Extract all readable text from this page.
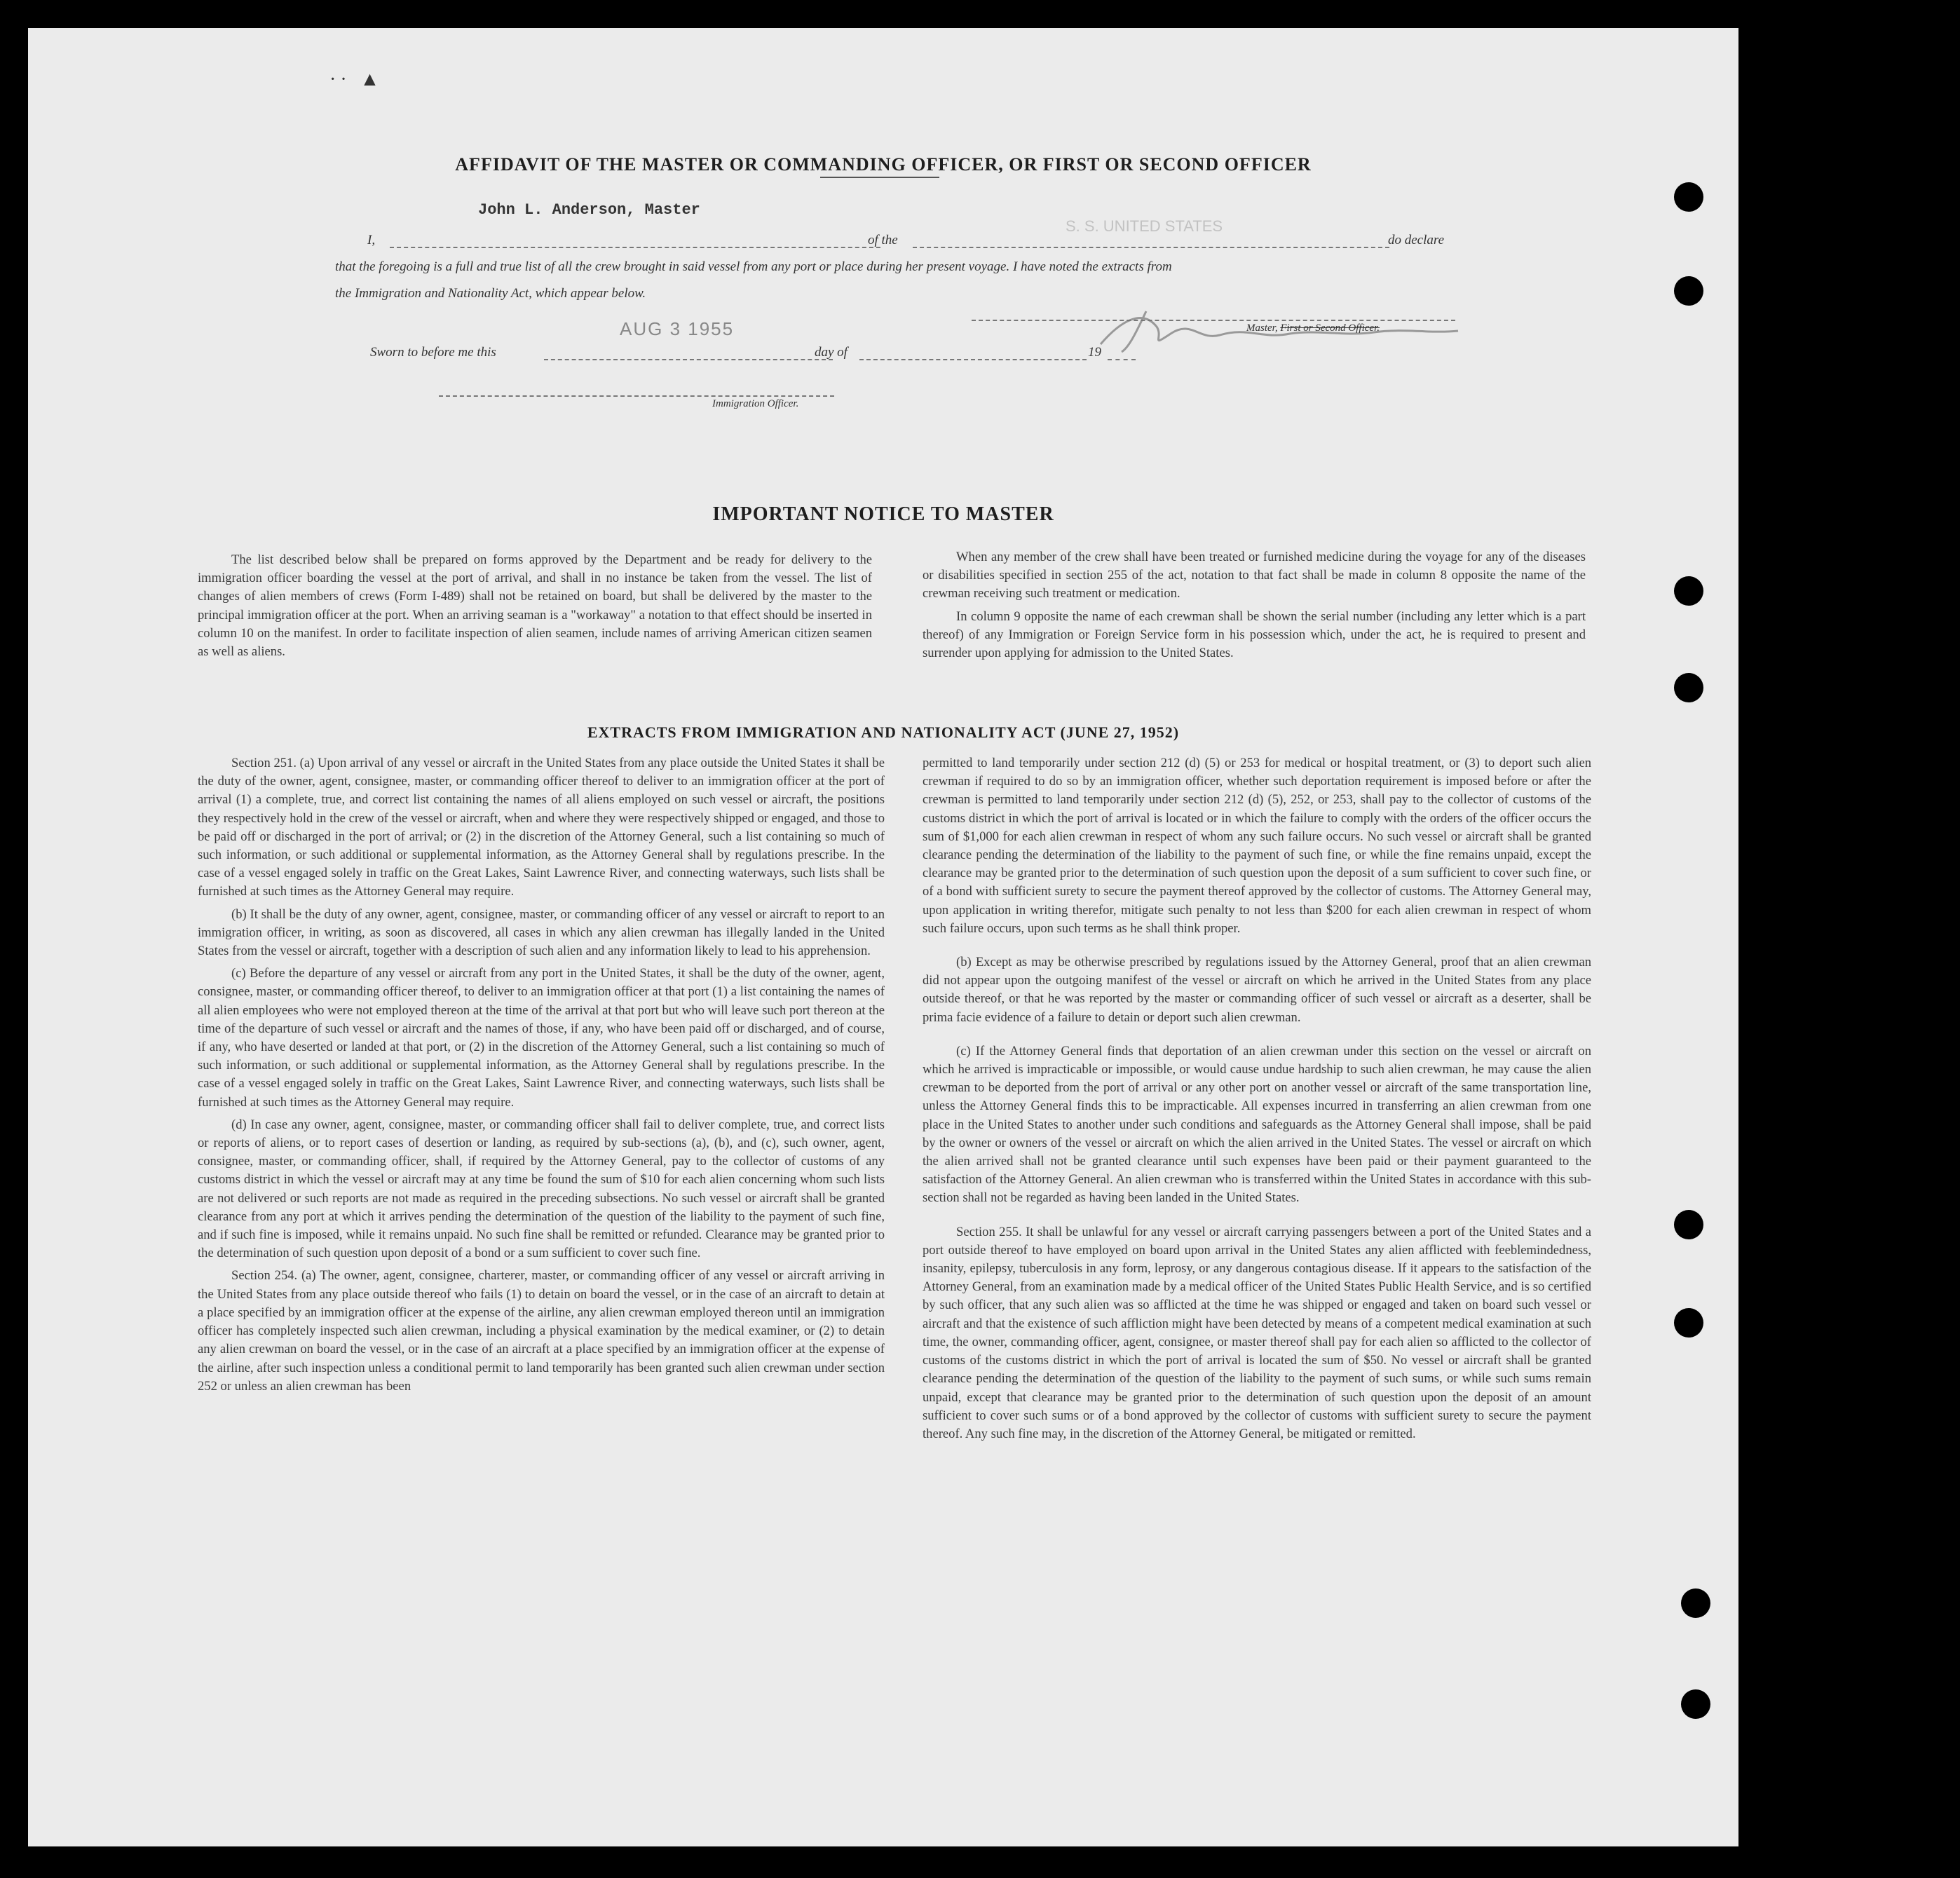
·· ▲
AFFIDAVIT OF THE MASTER OR COMMANDING OFFICER, OR FIRST OR SECOND OFFICER
John L. Anderson, Master
I,	of the
S. S. UNITED STATES
do declare
that the foregoing is a full and true list of all the crew brought in said vessel from any port or place during her present voyage. I have noted the extracts from
the Immigration and Nationality Act, which appear below.
Master, First or Second Officer.
AUG 3 1955
Sworn to before me this	day of	19
Immigration Officer.
IMPORTANT NOTICE TO MASTER

The list described below shall be prepared on forms approved by the Department and be ready for delivery to the immigration officer boarding the vessel at the port of arrival, and shall in no instance be taken from the vessel. The list of changes of alien members of crews (Form I-489) shall not be retained on board, but shall be delivered by the master to the principal immigration officer at the port. When an arriving seaman is a "workaway" a notation to that effect should be inserted in column 10 on the manifest. In order to facilitate inspection of alien seamen, include names of arriving American citizen seamen as well as aliens.

When any member of the crew shall have been treated or furnished medicine during the voyage for any of the diseases or disabilities specified in section 255 of the act, notation to that fact shall be made in column 8 opposite the name of the crewman receiving such treatment or medication.

In column 9 opposite the name of each crewman shall be shown the serial number (including any letter which is a part thereof) of any Immigration or Foreign Service form in his possession which, under the act, he is required to present and surrender upon applying for admission to the United States.

EXTRACTS FROM IMMIGRATION AND NATIONALITY ACT (JUNE 27, 1952)

Section 251. (a) Upon arrival of any vessel or aircraft in the United States from any place outside the United States it shall be the duty of the owner, agent, consignee, master, or commanding officer thereof to deliver to an immigration officer at the port of arrival (1) a complete, true, and correct list containing the names of all aliens employed on such vessel or aircraft, the positions they respectively hold in the crew of the vessel or aircraft, when and where they were respectively shipped or engaged, and those to be paid off or discharged in the port of arrival; or (2) in the discretion of the Attorney General, such a list containing so much of such information, or such additional or supplemental information, as the Attorney General shall by regulations prescribe. In the case of a vessel engaged solely in traffic on the Great Lakes, Saint Lawrence River, and connecting waterways, such lists shall be furnished at such times as the Attorney General may require.

(b) It shall be the duty of any owner, agent, consignee, master, or commanding officer of any vessel or aircraft to report to an immigration officer, in writing, as soon as discovered, all cases in which any alien crewman has illegally landed in the United States from the vessel or aircraft, together with a description of such alien and any information likely to lead to his apprehension.

(c) Before the departure of any vessel or aircraft from any port in the United States, it shall be the duty of the owner, agent, consignee, master, or commanding officer thereof, to deliver to an immigration officer at that port (1) a list containing the names of all alien employees who were not employed thereon at the time of the arrival at that port but who will leave such port thereon at the time of the departure of such vessel or aircraft and the names of those, if any, who have been paid off or discharged, and of course, if any, who have deserted or landed at that port, or (2) in the discretion of the Attorney General, such a list containing so much of such information, or such additional or supplemental information, as the Attorney General shall by regulations prescribe. In the case of a vessel engaged solely in traffic on the Great Lakes, Saint Lawrence River, and connecting waterways, such lists shall be furnished at such times as the Attorney General may require.

(d) In case any owner, agent, consignee, master, or commanding officer shall fail to deliver complete, true, and correct lists or reports of aliens, or to report cases of desertion or landing, as required by sub-sections (a), (b), and (c), such owner, agent, consignee, master, or commanding officer, shall, if required by the Attorney General, pay to the collector of customs of any customs district in which the vessel or aircraft may at any time be found the sum of $10 for each alien concerning whom such lists are not delivered or such reports are not made as required in the preceding subsections. No such vessel or aircraft shall be granted clearance from any port at which it arrives pending the determination of the question of the liability to the payment of such fine, and if such fine is imposed, while it remains unpaid. No such fine shall be remitted or refunded. Clearance may be granted prior to the determination of such question upon deposit of a bond or a sum sufficient to cover such fine.

Section 254. (a) The owner, agent, consignee, charterer, master, or commanding officer of any vessel or aircraft arriving in the United States from any place outside thereof who fails (1) to detain on board the vessel, or in the case of an aircraft to detain at a place specified by an immigration officer at the expense of the airline, any alien crewman employed thereon until an immigration officer has completely inspected such alien crewman, including a physical examination by the medical examiner, or (2) to detain any alien crewman on board the vessel, or in the case of an aircraft at a place specified by an immigration officer at the expense of the airline, after such inspection unless a conditional permit to land temporarily has been granted such alien crewman under section 252 or unless an alien crewman has been

permitted to land temporarily under section 212 (d) (5) or 253 for medical or hospital treatment, or (3) to deport such alien crewman if required to do so by an immigration officer, whether such deportation requirement is imposed before or after the crewman is permitted to land temporarily under section 212 (d) (5), 252, or 253, shall pay to the collector of customs of the customs district in which the port of arrival is located or in which the failure to comply with the orders of the officer occurs the sum of $1,000 for each alien crewman in respect of whom any such failure occurs. No such vessel or aircraft shall be granted clearance pending the determination of the liability to the payment of such fine, or while the fine remains unpaid, except the clearance may be granted prior to the determination of such question upon the deposit of a sum sufficient to cover such fine, or of a bond with sufficient surety to secure the payment thereof approved by the collector of customs. The Attorney General may, upon application in writing therefor, mitigate such penalty to not less than $200 for each alien crewman in respect of whom such failure occurs, upon such terms as he shall think proper.

(b) Except as may be otherwise prescribed by regulations issued by the Attorney General, proof that an alien crewman did not appear upon the outgoing manifest of the vessel or aircraft on which he arrived in the United States from any place outside thereof, or that he was reported by the master or commanding officer of such vessel or aircraft as a deserter, shall be prima facie evidence of a failure to detain or deport such alien crewman.

(c) If the Attorney General finds that deportation of an alien crewman under this section on the vessel or aircraft on which he arrived is impracticable or impossible, or would cause undue hardship to such alien crewman, he may cause the alien crewman to be deported from the port of arrival or any other port on another vessel or aircraft of the same transportation line, unless the Attorney General finds this to be impracticable. All expenses incurred in transferring an alien crewman from one place in the United States to another under such conditions and safeguards as the Attorney General shall impose, shall be paid by the owner or owners of the vessel or aircraft on which the alien arrived in the United States. The vessel or aircraft on which the alien arrived shall not be granted clearance until such expenses have been paid or their payment guaranteed to the satisfaction of the Attorney General. An alien crewman who is transferred within the United States in accordance with this sub-section shall not be regarded as having been landed in the United States.

Section 255. It shall be unlawful for any vessel or aircraft carrying passengers between a port of the United States and a port outside thereof to have employed on board upon arrival in the United States any alien afflicted with feeblemindedness, insanity, epilepsy, tuberculosis in any form, leprosy, or any dangerous contagious disease. If it appears to the satisfaction of the Attorney General, from an examination made by a medical officer of the United States Public Health Service, and is so certified by such officer, that any such alien was so afflicted at the time he was shipped or engaged and taken on board such vessel or aircraft and that the existence of such affliction might have been detected by means of a competent medical examination at such time, the owner, commanding officer, agent, consignee, or master thereof shall pay for each alien so afflicted to the collector of customs of the customs district in which the port of arrival is located the sum of $50. No vessel or aircraft shall be granted clearance pending the determination of the question of the liability to the payment of such sums, or while such sums remain unpaid, except that clearance may be granted prior to the determination of such question upon the deposit of an amount sufficient to cover such sums or of a bond approved by the collector of customs with sufficient surety to secure the payment thereof. Any such fine may, in the discretion of the Attorney General, be mitigated or remitted.
